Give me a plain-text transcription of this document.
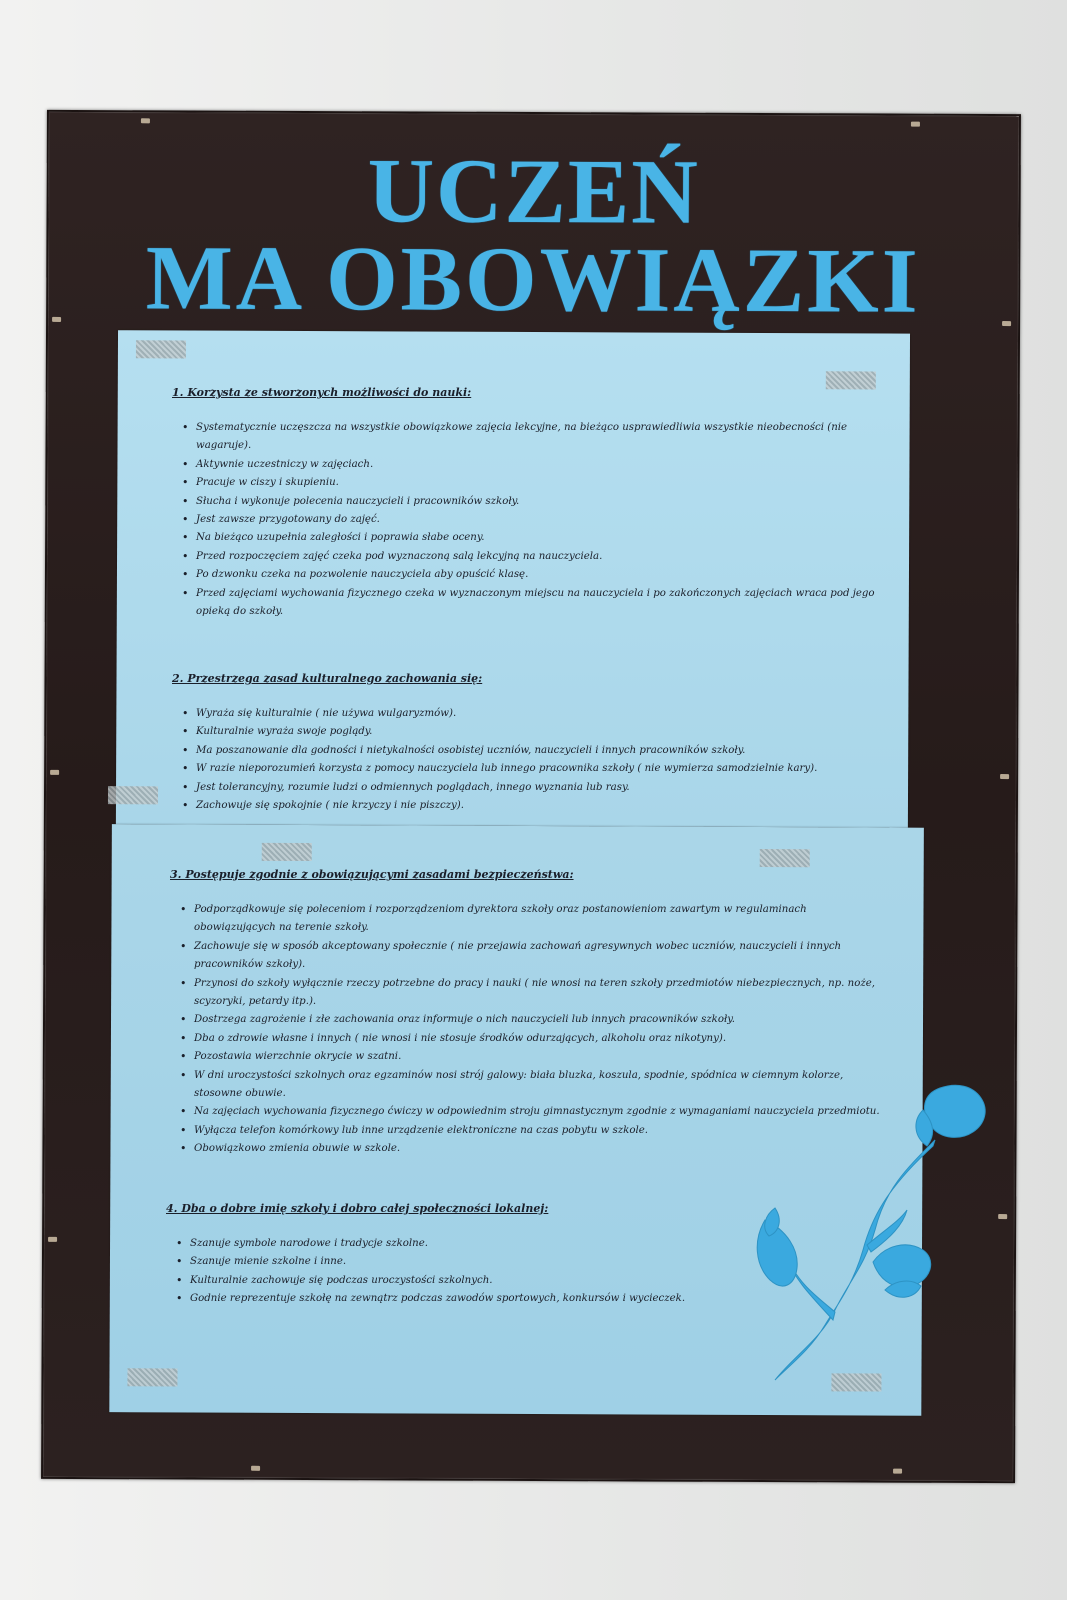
UCZEŃ
MA OBOWIĄZKI

1. Korzysta ze stworzonych możliwości do nauki:

• Systematycznie uczęszcza na wszystkie obowiązkowe zajęcia lekcyjne, na bieżąco usprawiedliwia wszystkie nieobecności (nie wagaruje).
• Aktywnie uczestniczy w zajęciach.
• Pracuje w ciszy i skupieniu.
• Słucha i wykonuje polecenia nauczycieli i pracowników szkoły.
• Jest zawsze przygotowany do zajęć.
• Na bieżąco uzupełnia zaległości i poprawia słabe oceny.
• Przed rozpoczęciem zajęć czeka pod wyznaczoną salą lekcyjną na nauczyciela.
• Po dzwonku czeka na pozwolenie nauczyciela aby opuścić klasę.
• Przed zajęciami wychowania fizycznego czeka w wyznaczonym miejscu na nauczyciela i po zakończonych zajęciach wraca pod jego opieką do szkoły.

2. Przestrzega zasad kulturalnego zachowania się:

• Wyraża się kulturalnie ( nie używa wulgaryzmów).
• Kulturalnie wyraża swoje poglądy.
• Ma poszanowanie dla godności i nietykalności osobistej uczniów, nauczycieli i innych pracowników szkoły.
• W razie nieporozumień korzysta z pomocy nauczyciela lub innego pracownika szkoły ( nie wymierza samodzielnie kary).
• Jest tolerancyjny, rozumie ludzi o odmiennych poglądach, innego wyznania lub rasy.
• Zachowuje się spokojnie ( nie krzyczy i nie piszczy).

3. Postępuje zgodnie z obowiązującymi zasadami bezpieczeństwa:

• Podporządkowuje się poleceniom i rozporządzeniom dyrektora szkoły oraz postanowieniom zawartym w regulaminach obowiązujących na terenie szkoły.
• Zachowuje się w sposób akceptowany społecznie ( nie przejawia zachowań agresywnych wobec uczniów, nauczycieli i innych pracowników szkoły).
• Przynosi do szkoły wyłącznie rzeczy potrzebne do pracy i nauki ( nie wnosi na teren szkoły przedmiotów niebezpiecznych, np. noże, scyzoryki, petardy itp.).
• Dostrzega zagrożenie i złe zachowania oraz informuje o nich nauczycieli lub innych pracowników szkoły.
• Dba o zdrowie własne i innych ( nie wnosi i nie stosuje środków odurzających, alkoholu oraz nikotyny).
• Pozostawia wierzchnie okrycie w szatni.
• W dni uroczystości szkolnych oraz egzaminów nosi strój galowy: biała bluzka, koszula, spodnie, spódnica w ciemnym kolorze, stosowne obuwie.
• Na zajęciach wychowania fizycznego ćwiczy w odpowiednim stroju gimnastycznym zgodnie z wymaganiami nauczyciela przedmiotu.
• Wyłącza telefon komórkowy lub inne urządzenie elektroniczne na czas pobytu w szkole.
• Obowiązkowo zmienia obuwie w szkole.

4. Dba o dobre imię szkoły i dobro całej społeczności lokalnej:

• Szanuje symbole narodowe i tradycje szkolne.
• Szanuje mienie szkolne i inne.
• Kulturalnie zachowuje się podczas uroczystości szkolnych.
• Godnie reprezentuje szkołę na zewnątrz podczas zawodów sportowych, konkursów i wycieczek.
